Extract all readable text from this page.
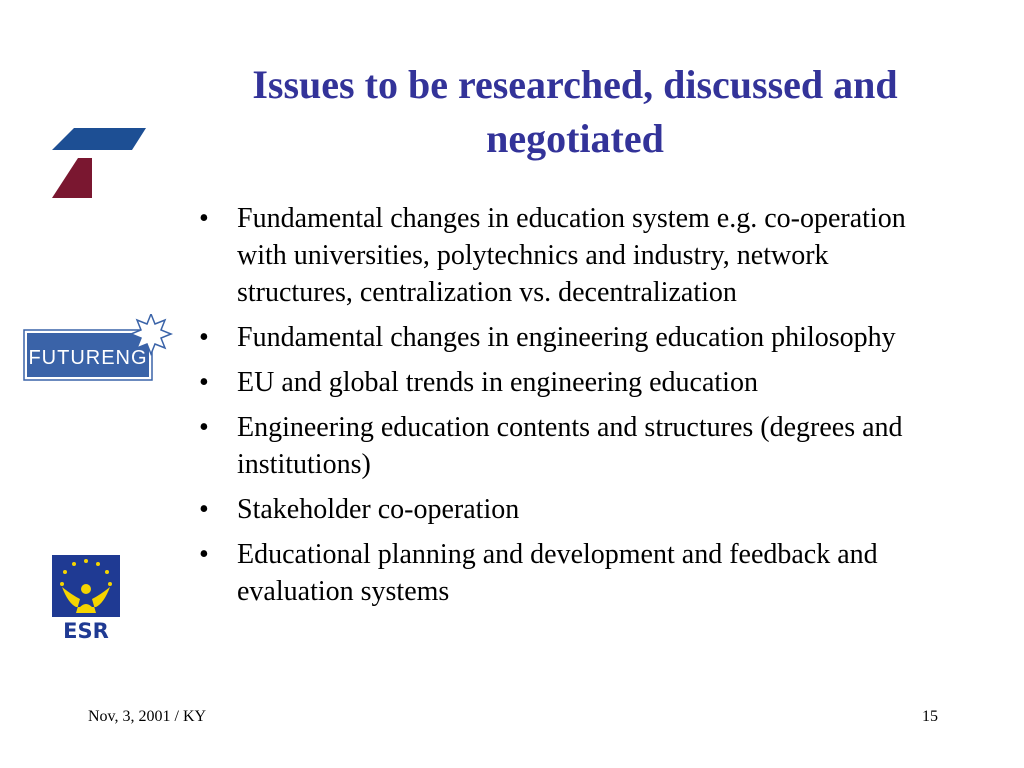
Issues to be researched, discussed and negotiated
• Fundamental changes in education system e.g. co-operation with universities, polytechnics and industry, network structures, centralization vs. decentralization
• Fundamental changes in engineering education philosophy
• EU and global trends in engineering education
• Engineering education contents and structures (degrees and institutions)
• Stakeholder co-operation
• Educational planning and development and feedback and evaluation systems
FUTURENG
ESR
Nov, 3, 2001 / KY	15
